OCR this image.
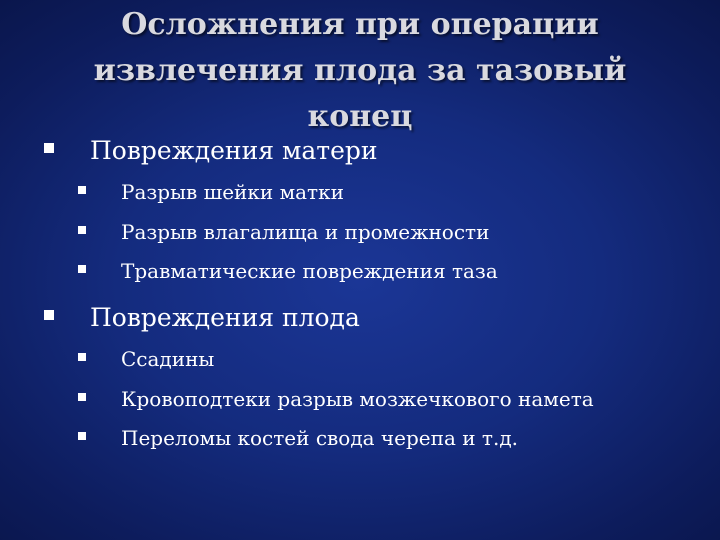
Осложнения при операции
извлечения плода за тазовый
конец
Повреждения матери
Разрыв шейки матки
Разрыв влагалища и промежности
Травматические повреждения таза
Повреждения плода
Ссадины
Кровоподтеки разрыв мозжечкового намета
Переломы костей свода черепа и т.д.
